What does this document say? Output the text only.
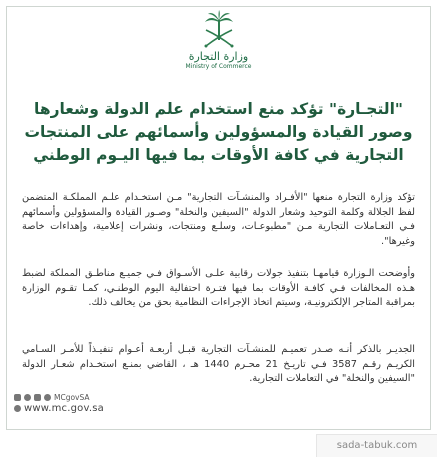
وزارة التجارة
Ministry of Commerce
"التجـارة" تؤكد منع استخدام علم الدولة وشعارها وصور القيادة والمسؤولين وأسمائهم على المنتجات التجارية في كافة الأوقات بما فيها اليـوم الوطني

تؤكد وزارة التجارة منعها "الأفـراد والمنشـآت التجارية" مـن استخـدام علـم المملكـة المتضمن لفظ الجلالة وكلمة التوحيد وشعار الدولة "السيفين والنخلة" وصـور القيادة والمسؤولين وأسمائهم فـي التعـاملات التجارية مـن "مطبوعـات، وسلـع ومنتجات، ونشرات إعلامية، وإهداءات خاصة وغيرها".

وأوضحت الـوزارة قيامهـا بتنفيذ جولات رقابية علـى الأسـواق فـي جميـع مناطـق المملكة لضبط هـذه المخالفات فـي كافـة الأوقات بما فيها فتـرة احتفالية اليوم الوطنـي، كمـا تقـوم الوزارة بمراقبة المتاجر الإلكترونيـة، وسيتم اتخاذ الإجراءات النظامية بحق من يخالف ذلك.

الجديـر بالذكر أنـه صـدر تعميـم للمنشـآت التجارية قبـل أربعـة أعـوام تنفيـذاً للأمـر السـامي الكريـم رقـم 3587 فـي تاريـخ 21 محـرم 1440 هـ ، القاضي بمنـع استخـدام شعـار الدولة "السيفين والنخلة" في التعاملات التجارية.

MCgovSA
www.mc.gov.sa
sada-tabuk.com
